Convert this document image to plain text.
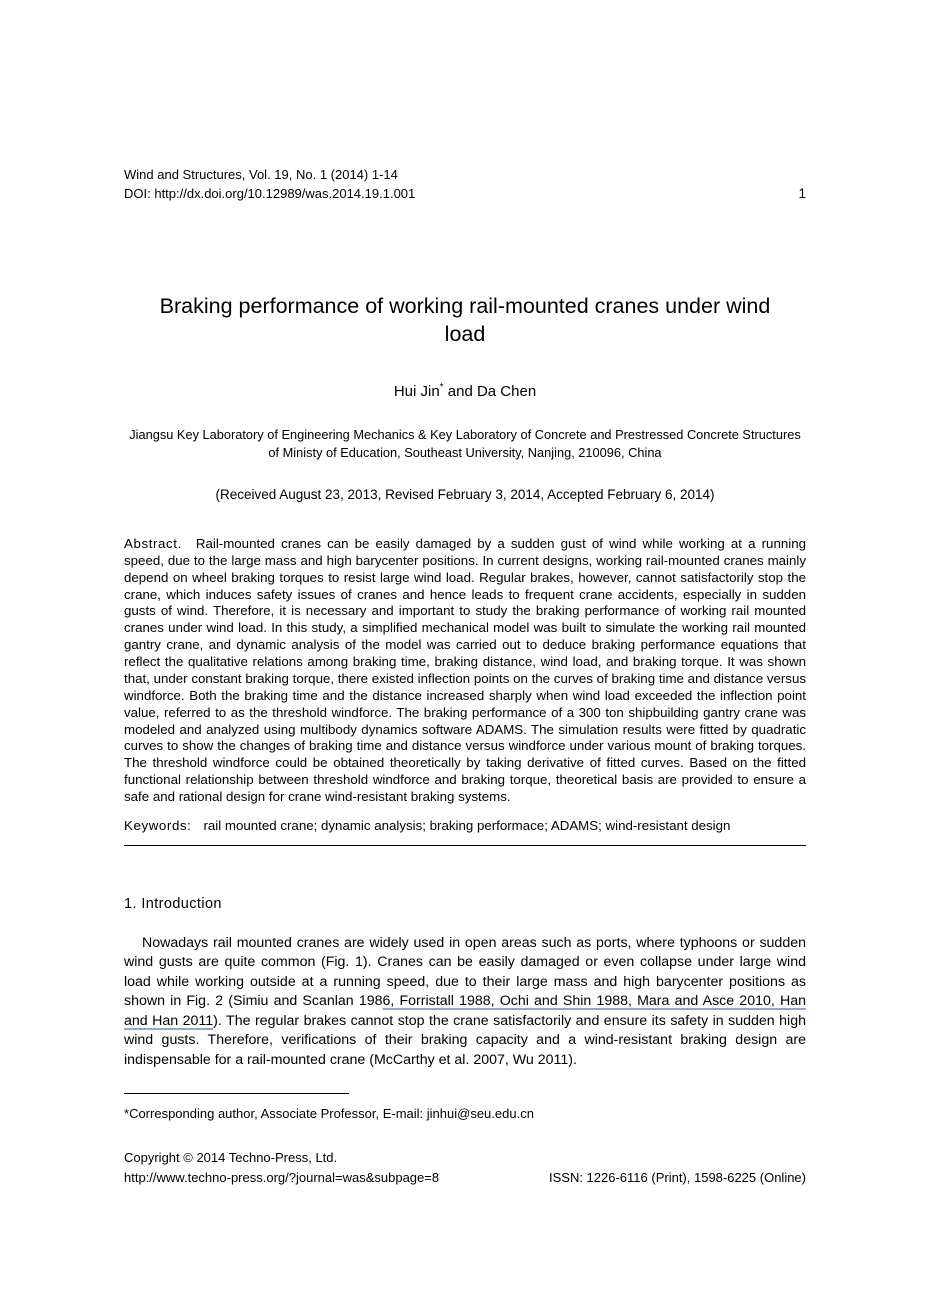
Wind and Structures, Vol. 19, No. 1 (2014) 1-14
DOI: http://dx.doi.org/10.12989/was.2014.19.1.001	1
Braking performance of working rail-mounted cranes under wind load
Hui Jin* and Da Chen
Jiangsu Key Laboratory of Engineering Mechanics & Key Laboratory of Concrete and Prestressed Concrete Structures of Ministy of Education, Southeast University, Nanjing, 210096, China
(Received August 23, 2013, Revised February 3, 2014, Accepted February 6, 2014)

Abstract. Rail-mounted cranes can be easily damaged by a sudden gust of wind while working at a running speed, due to the large mass and high barycenter positions. In current designs, working rail-mounted cranes mainly depend on wheel braking torques to resist large wind load. Regular brakes, however, cannot satisfactorily stop the crane, which induces safety issues of cranes and hence leads to frequent crane accidents, especially in sudden gusts of wind. Therefore, it is necessary and important to study the braking performance of working rail mounted cranes under wind load. In this study, a simplified mechanical model was built to simulate the working rail mounted gantry crane, and dynamic analysis of the model was carried out to deduce braking performance equations that reflect the qualitative relations among braking time, braking distance, wind load, and braking torque. It was shown that, under constant braking torque, there existed inflection points on the curves of braking time and distance versus windforce. Both the braking time and the distance increased sharply when wind load exceeded the inflection point value, referred to as the threshold windforce. The braking performance of a 300 ton shipbuilding gantry crane was modeled and analyzed using multibody dynamics software ADAMS. The simulation results were fitted by quadratic curves to show the changes of braking time and distance versus windforce under various mount of braking torques. The threshold windforce could be obtained theoretically by taking derivative of fitted curves. Based on the fitted functional relationship between threshold windforce and braking torque, theoretical basis are provided to ensure a safe and rational design for crane wind-resistant braking systems.

Keywords: rail mounted crane; dynamic analysis; braking performace; ADAMS; wind-resistant design
1. Introduction

Nowadays rail mounted cranes are widely used in open areas such as ports, where typhoons or sudden wind gusts are quite common (Fig. 1). Cranes can be easily damaged or even collapse under large wind load while working outside at a running speed, due to their large mass and high barycenter positions as shown in Fig. 2 (Simiu and Scanlan 1986, Forristall 1988, Ochi and Shin 1988, Mara and Asce 2010, Han and Han 2011). The regular brakes cannot stop the crane satisfactorily and ensure its safety in sudden high wind gusts. Therefore, verifications of their braking capacity and a wind-resistant braking design are indispensable for a rail-mounted crane (McCarthy et al. 2007, Wu 2011).

*Corresponding author, Associate Professor, E-mail: jinhui@seu.edu.cn
Copyright © 2014 Techno-Press, Ltd.
http://www.techno-press.org/?journal=was&subpage=8	ISSN: 1226-6116 (Print), 1598-6225 (Online)
